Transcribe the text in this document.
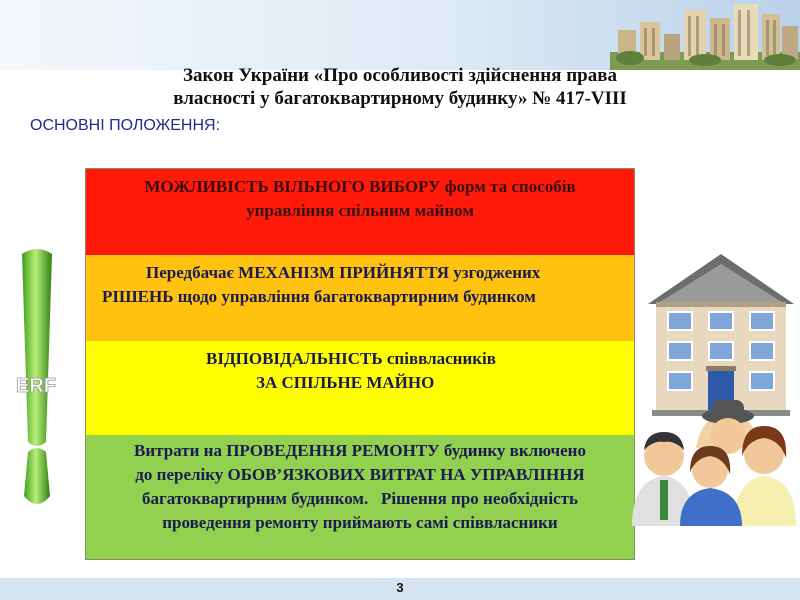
Закон України «Про особливості здійснення права
власності у багатоквартирному будинку» № 417-VIII
ОСНОВНІ ПОЛОЖЕННЯ:
ERF
МОЖЛИВІСТЬ ВІЛЬНОГО ВИБОРУ форм та способів
управління спільним майном
Передбачає МЕХАНІЗМ ПРИЙНЯТТЯ узгоджених
РІШЕНЬ щодо управління багатоквартирним будинком
ВІДПОВІДАЛЬНІСТЬ співвласників
ЗА СПІЛЬНЕ МАЙНО
Витрати на ПРОВЕДЕННЯ РЕМОНТУ будинку включено
до переліку ОБОВ’ЯЗКОВИХ ВИТРАТ НА УПРАВЛІННЯ
багатоквартирним будинком.   Рішення про необхідність
проведення ремонту приймають самі співвласники
3
